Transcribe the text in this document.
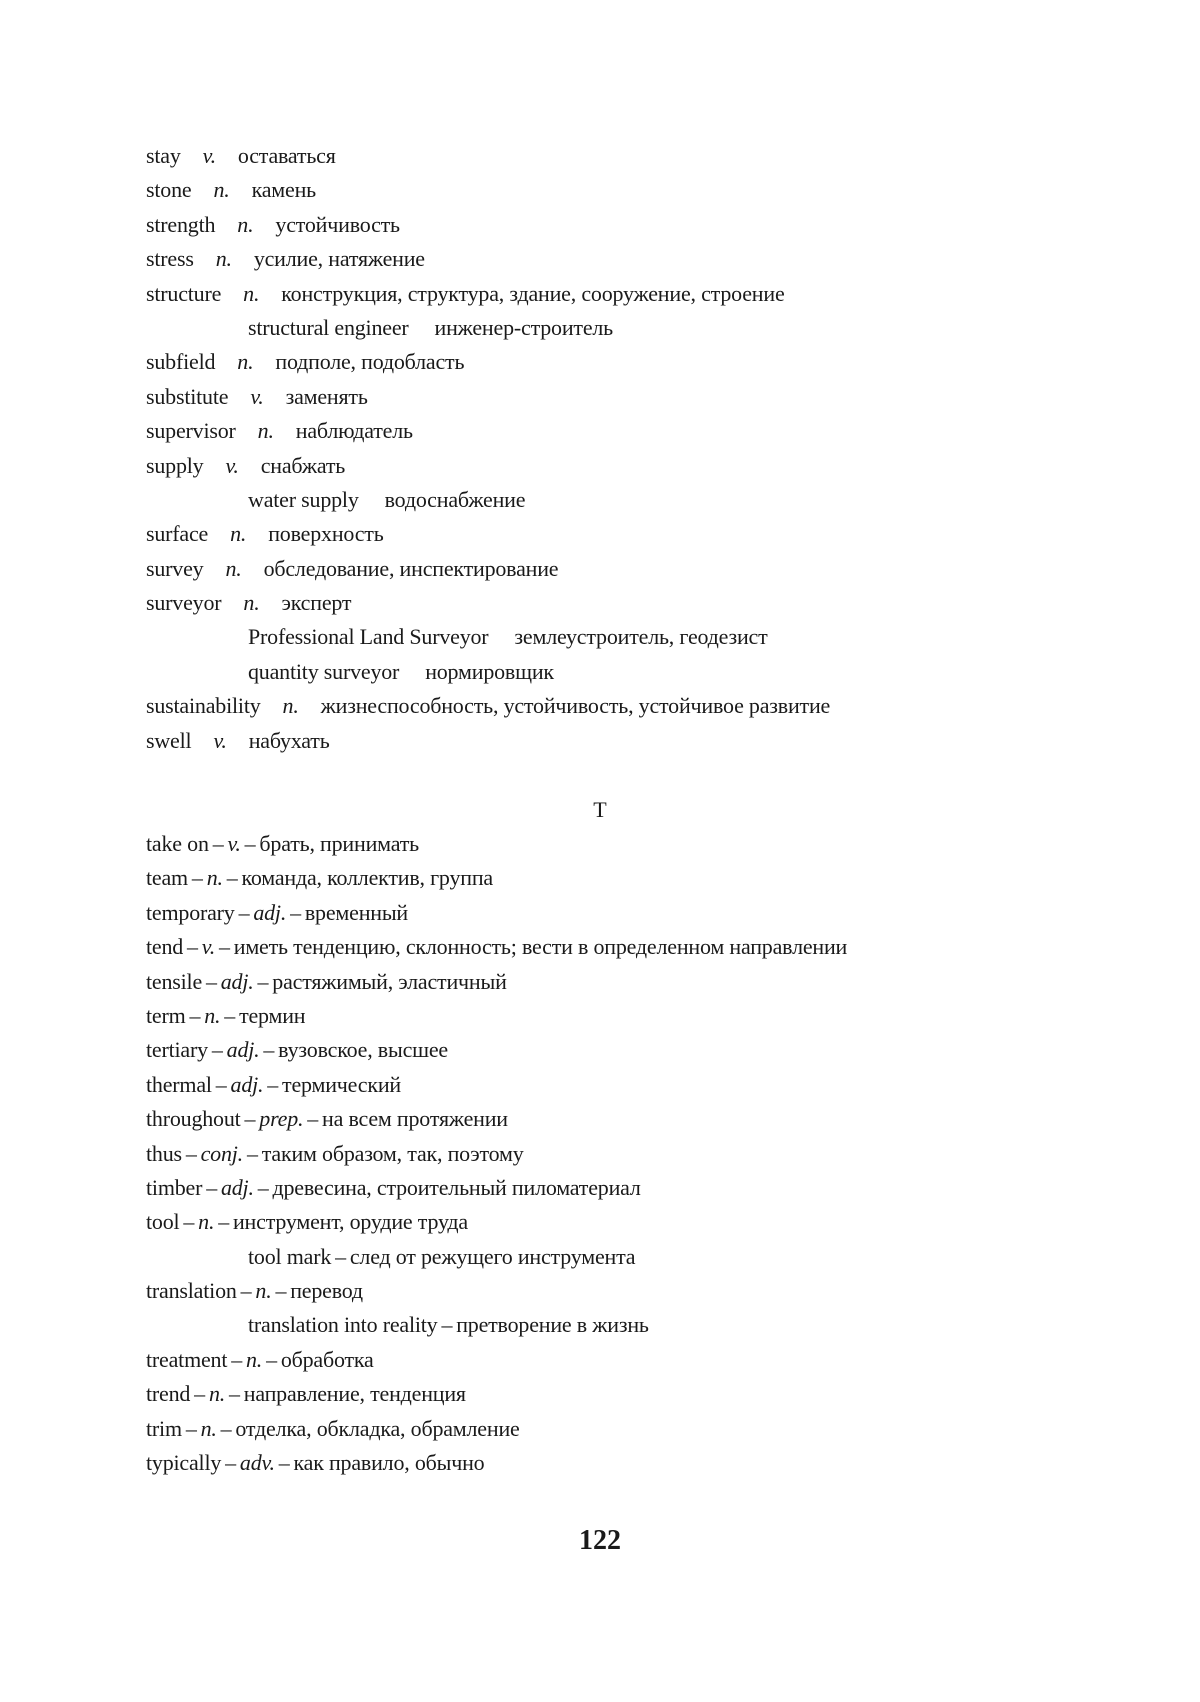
stay v. оставаться
stone n. камень
strength n. устойчивость
stress n. усилие, натяжение
structure n. конструкция, структура, здание, сооружение, строение
structural engineer инженер-строитель
subfield n. подполе, подобласть
substitute v. заменять
supervisor n. наблюдатель
supply v. снабжать
water supply водоснабжение
surface n. поверхность
survey n. обследование, инспектирование
surveyor n. эксперт
Professional Land Surveyor землеустроитель, геодезист
quantity surveyor нормировщик
sustainability n. жизнеспособность, устойчивость, устойчивое развитие
swell v. набухать
T
take on – v. – брать, принимать
team – n. – команда, коллектив, группа
temporary – adj. – временный
tend – v. – иметь тенденцию, склонность; вести в определенном направлении
tensile – adj. – растяжимый, эластичный
term – n. – термин
tertiary – adj. – вузовское, высшее
thermal – adj. – термический
throughout – prep. – на всем протяжении
thus – conj. – таким образом, так, поэтому
timber – adj. – древесина, строительный пиломатериал
tool – n. – инструмент, орудие труда
tool mark – след от режущего инструмента
translation – n. – перевод
translation into reality – претворение в жизнь
treatment – n. – обработка
trend – n. – направление, тенденция
trim – n. – отделка, обкладка, обрамление
typically – adv. – как правило, обычно
122
